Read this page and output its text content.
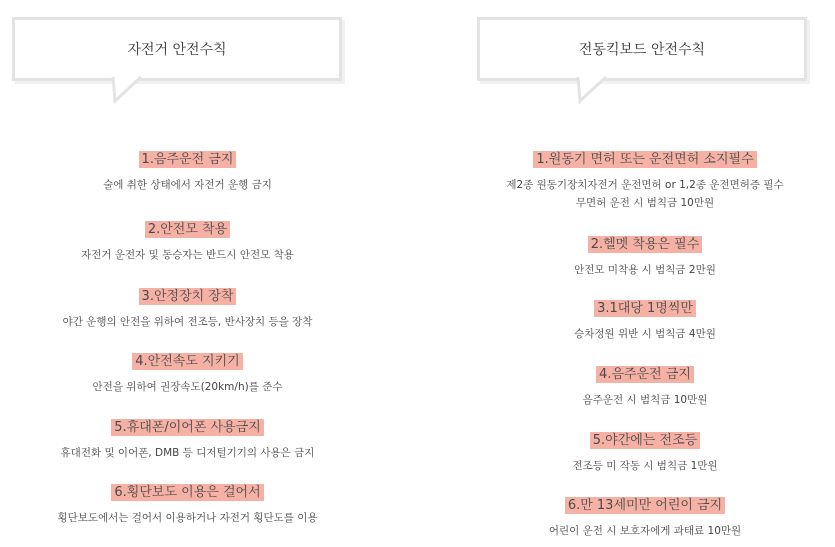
자전거 안전수칙
1.음주운전 금지
술에 취한 상태에서 자전거 운행 금지
2.안전모 착용
자전거 운전자 및 동승자는 반드시 안전모 착용
3.안정장치 장착
야간 운행의 안전을 위하여 전조등, 반사장치 등을 장착
4.안전속도 지키기
안전을 위하여 권장속도(20km/h)를 준수
5.휴대폰/이어폰 사용금지
휴대전화 및 이어폰, DMB 등 디저털기기의 사용은 금지
6.횡단보도 이용은 걸어서
횡단보도에서는 걸어서 이용하거나 자전거 횡단도를 이용
전동킥보드 안전수칙
1.원동기 면허 또는 운전면허 소지필수
제2종 원동기장치자전거 운전면허 or 1,2종 운전면허증 필수
무면허 운전 시 범칙금 10만원
2.헬멧 착용은 필수
안전모 미착용 시 범칙금 2만원
3.1대당 1명씩만
승차정원 위반 시 범칙금 4만원
4.음주운전 금지
음주운전 시 범칙금 10만원
5.야간에는 전조등
전조등 미 작동 시 범칙금 1만원
6.만 13세미만 어린이 금지
어린이 운전 시 보호자에게 과태료 10만원
